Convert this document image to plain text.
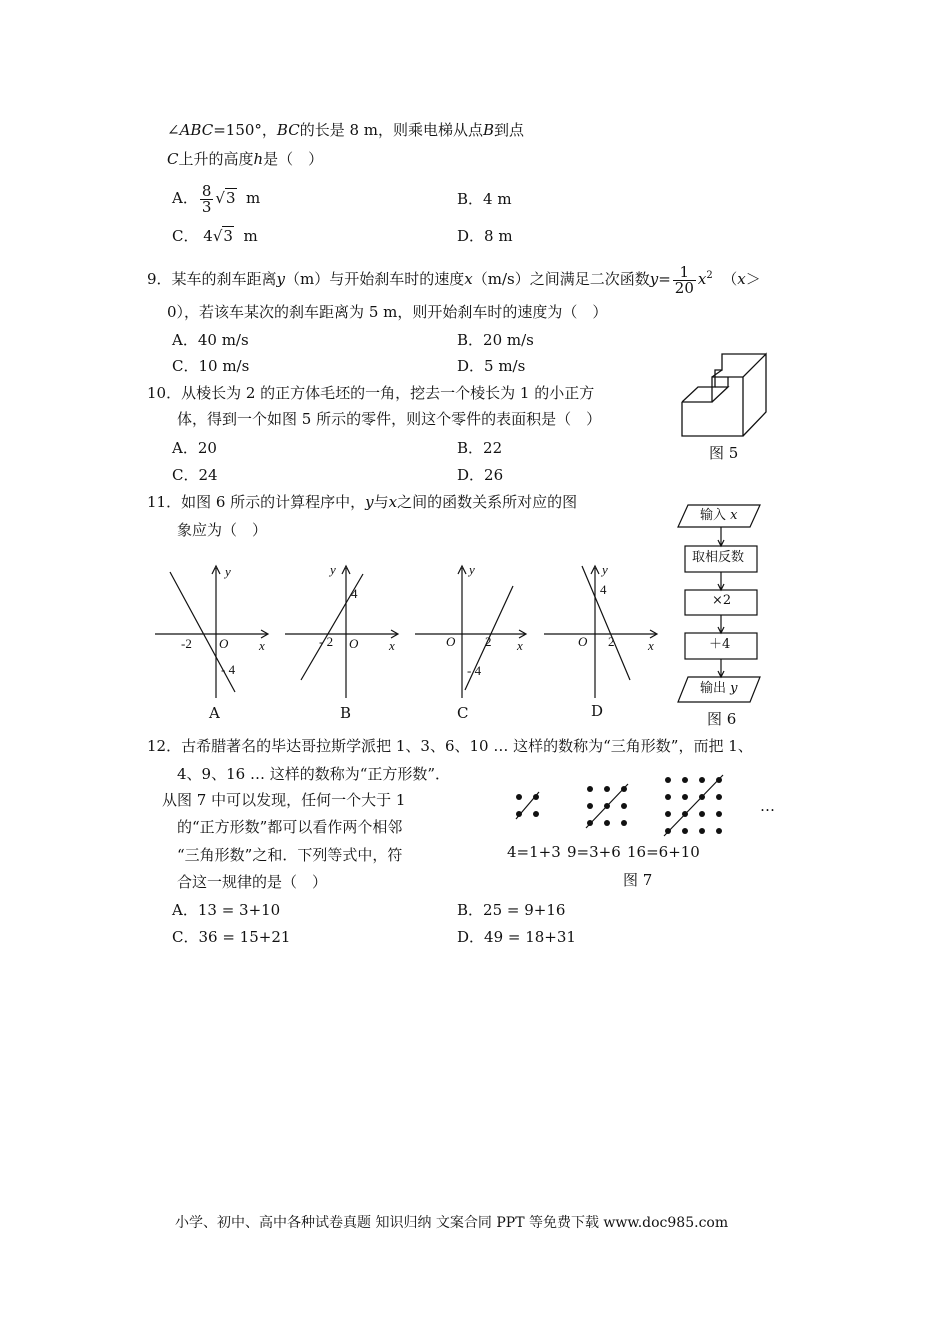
∠ABC=150°，BC的长是 8 m，则乘电梯从点B到点
C上升的高度h是（　）
A． $\frac{8}{3} √3$ m	B．4 m
C． 4√3 m	D．8 m
9．某车的刹车距离y（m）与开始刹车时的速度x（m/s）之间满足二次函数$y= \frac{1}{20} x^2$ （x＞
0），若该车某次的刹车距离为 5 m，则开始刹车时的速度为（　）
A．40 m/s	B．20 m/s
C．10 m/s	D．5 m/s
10．从棱长为 2 的正方体毛坯的一角，挖去一个棱长为 1 的小正方
体，得到一个如图 5 所示的零件，则这个零件的表面积是（　）
A．20	B．22
C．24	D．26
图 5
11．如图 6 所示的计算程序中，y与x之间的函数关系所对应的图
象应为（　）
y
x
O
-2
- 4
A
y
x
O
- 2
4
B
y
x
O 2
- 4
C
y
x
O 2
4
D
输入 x
取相反数
×2
＋4
输出 y
图 6
12．古希腊著名的毕达哥拉斯学派把 1、3、6、10 … 这样的数称为“三角形数”，而把 1、
4、9、16 … 这样的数称为“正方形数”．
从图 7 中可以发现，任何一个大于 1
的“正方形数”都可以看作两个相邻
“三角形数”之和．下列等式中，符
合这一规律的是（　）
…
4=1+3 9=3+6 16=6+10
图 7
A．13 = 3+10	B．25 = 9+16
C．36 = 15+21	D．49 = 18+31
小学、初中、高中各种试卷真题 知识归纳 文案合同 PPT 等免费下载 www.doc985.com
